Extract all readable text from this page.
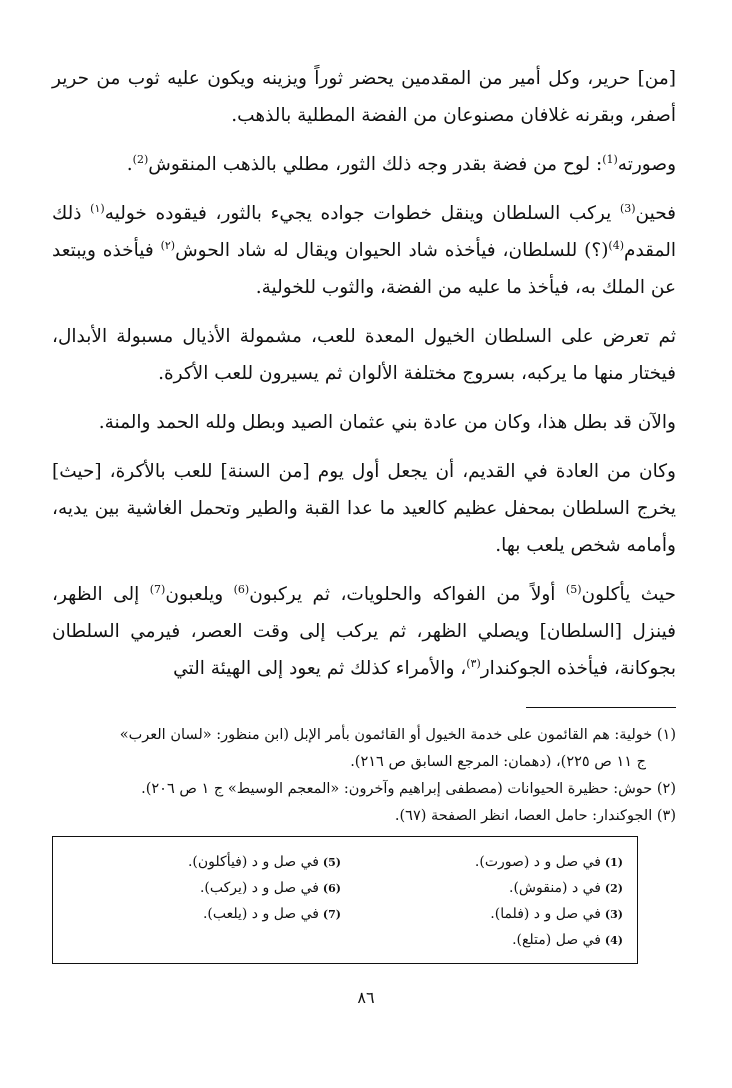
[من] حرير، وكل أمير من المقدمين يحضر ثوراً ويزينه ويكون عليه ثوب من حرير أصفر، وبقرنه غلافان مصنوعان من الفضة المطلية بالذهب.

وصورته$^{(1)}$: لوح من فضة بقدر وجه ذلك الثور، مطلي بالذهب المنقوش$^{(2)}$.

فحين$^{(3)}$ يركب السلطان وينقل خطوات جواده يجيء بالثور، فيقوده خوليه$^{(١)}$ ذلك المقدم$^{(4)}$(؟) للسلطان، فيأخذه شاد الحيوان ويقال له شاد الحوش$^{(٢)}$ فيأخذه ويبتعد عن الملك به، فيأخذ ما عليه من الفضة، والثوب للخولية.

ثم تعرض على السلطان الخيول المعدة للعب، مشمولة الأذيال مسبولة الأبدال، فيختار منها ما يركبه، بسروج مختلفة الألوان ثم يسيرون للعب الأكرة.

والآن قد بطل هذا، وكان من عادة بني عثمان الصيد وبطل ولله الحمد والمنة.

وكان من العادة في القديم، أن يجعل أول يوم [من السنة] للعب بالأكرة، [حيث] يخرج السلطان بمحفل عظيم كالعيد ما عدا القبة والطير وتحمل الغاشية بين يديه، وأمامه شخص يلعب بها.

حيث يأكلون$^{(5)}$ أولاً من الفواكه والحلويات، ثم يركبون$^{(6)}$ ويلعبون$^{(7)}$ إلى الظهر، فينزل [السلطان] ويصلي الظهر، ثم يركب إلى وقت العصر، فيرمي السلطان بجوكانة، فيأخذه الجوكندار$^{(٣)}$، والأمراء كذلك ثم يعود إلى الهيئة التي

(١) خولية: هم القائمون على خدمة الخيول أو القائمون بأمر الإبل (ابن منظور: «لسان العرب»

ج ١١ ص ٢٢٥)، (دهمان: المرجع السابق ص ٢١٦).

(٢) حوش: حظيرة الحيوانات (مصطفى إبراهيم وآخرون: «المعجم الوسيط» ج ١ ص ٢٠٦).

(٣) الجوكندار: حامل العصا، انظر الصفحة (٦٧).

(1)في صل و د (صورت).
(2)في د (منقوش).
(3)في صل و د (فلما).
(4)في صل (متلع).
(5)في صل و د (فيأكلون).
(6)في صل و د (يركب).
(7)في صل و د (يلعب).
٨٦
